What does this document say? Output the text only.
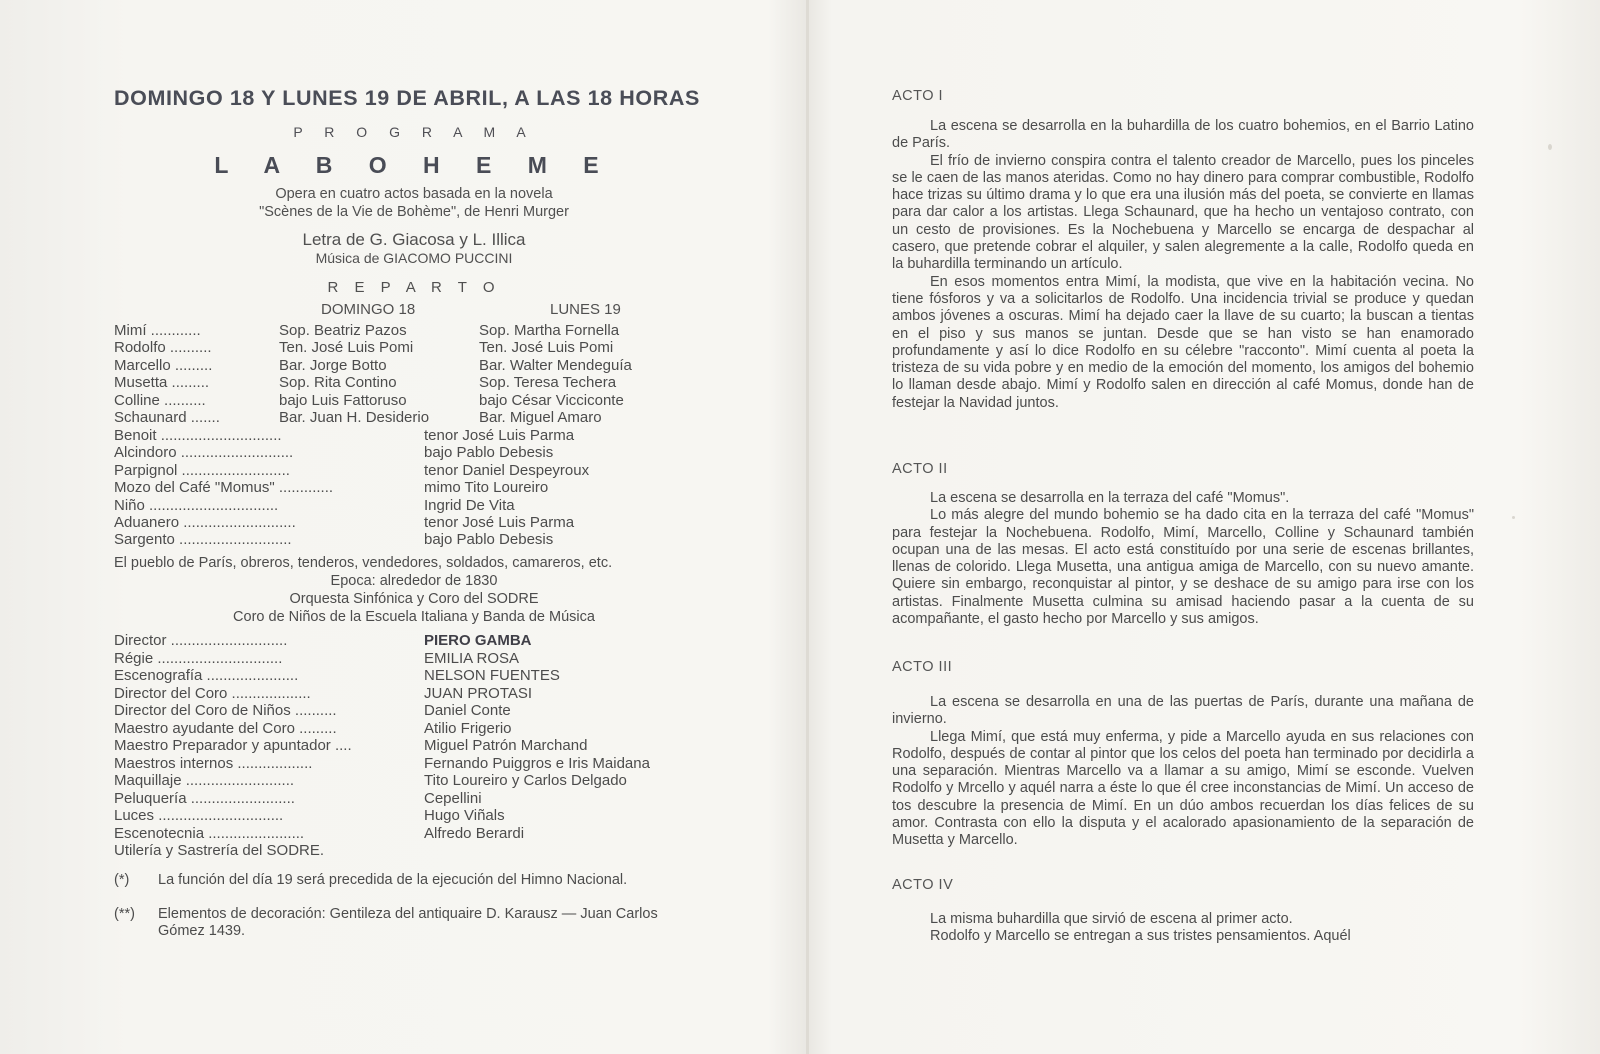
DOMINGO 18 Y LUNES 19 DE ABRIL, A LAS 18 HORAS
P R O G R A M A
L A B O H E M E
Opera en cuatro actos basada en la novela
"Scènes de la Vie de Bohème", de Henri Murger
Letra de G. Giacosa y L. Illica
Música de GIACOMO PUCCINI
R E P A R T O
DOMINGO 18	LUNES 19
Mimí ............	Sop. Beatriz Pazos	Sop. Martha Fornella
Rodolfo ..........	Ten. José Luis Pomi	Ten. José Luis Pomi
Marcello .........	Bar. Jorge Botto	Bar. Walter Mendeguía
Musetta .........	Sop. Rita Contino	Sop. Teresa Techera
Colline ..........	bajo Luis Fattoruso	bajo César Vicciconte
Schaunard .......	Bar. Juan H. Desiderio	Bar. Miguel Amaro
Benoit .............................	tenor José Luis Parma
Alcindoro ...........................	bajo Pablo Debesis
Parpignol ..........................	tenor Daniel Despeyroux
Mozo del Café "Momus" .............	mimo Tito Loureiro
Niño ...............................	Ingrid De Vita
Aduanero ...........................	tenor José Luis Parma
Sargento ...........................	bajo Pablo Debesis
El pueblo de París, obreros, tenderos, vendedores, soldados, camareros, etc.
Epoca: alrededor de 1830
Orquesta Sinfónica y Coro del SODRE
Coro de Niños de la Escuela Italiana y Banda de Música
Director ............................	PIERO GAMBA
Régie ..............................	EMILIA ROSA
Escenografía ......................	NELSON FUENTES
Director del Coro ...................	JUAN PROTASI
Director del Coro de Niños ..........	Daniel Conte
Maestro ayudante del Coro .........	Atilio Frigerio
Maestro Preparador y apuntador ....	Miguel Patrón Marchand
Maestros internos ..................	Fernando Puiggros e Iris Maidana
Maquillaje ..........................	Tito Loureiro y Carlos Delgado
Peluquería .........................	Cepellini
Luces ..............................	Hugo Viñals
Escenotecnia .......................	Alfredo Berardi
Utilería y Sastrería del SODRE.
(*) La función del día 19 será precedida de la ejecución del Himno Nacional.
(**) Elementos de decoración: Gentileza del antiquaire D. Karausz — Juan Carlos Gómez 1439.
ACTO I

La escena se desarrolla en la buhardilla de los cuatro bohemios, en el Barrio Latino de París.

El frío de invierno conspira contra el talento creador de Marcello, pues los pinceles se le caen de las manos ateridas. Como no hay dinero para comprar combustible, Rodolfo hace trizas su último drama y lo que era una ilusión más del poeta, se convierte en llamas para dar calor a los artistas. Llega Schaunard, que ha hecho un ventajoso contrato, con un cesto de provisiones. Es la Nochebuena y Marcello se encarga de despachar al casero, que pretende cobrar el alquiler, y salen alegremente a la calle, Rodolfo queda en la buhardilla terminando un artículo.

En esos momentos entra Mimí, la modista, que vive en la habitación vecina. No tiene fósforos y va a solicitarlos de Rodolfo. Una incidencia trivial se produce y quedan ambos jóvenes a oscuras. Mimí ha dejado caer la llave de su cuarto; la buscan a tientas en el piso y sus manos se juntan. Desde que se han visto se han enamorado profundamente y así lo dice Rodolfo en su célebre "racconto". Mimí cuenta al poeta la tristeza de su vida pobre y en medio de la emoción del momento, los amigos del bohemio lo llaman desde abajo. Mimí y Rodolfo salen en dirección al café Momus, donde han de festejar la Navidad juntos.

ACTO II

La escena se desarrolla en la terraza del café "Momus".

Lo más alegre del mundo bohemio se ha dado cita en la terraza del café "Momus" para festejar la Nochebuena. Rodolfo, Mimí, Marcello, Colline y Schaunard también ocupan una de las mesas. El acto está constituído por una serie de escenas brillantes, llenas de colorido. Llega Musetta, una antigua amiga de Marcello, con su nuevo amante. Quiere sin embargo, reconquistar al pintor, y se deshace de su amigo para irse con los artistas. Finalmente Musetta culmina su amisad haciendo pasar a la cuenta de su acompañante, el gasto hecho por Marcello y sus amigos.

ACTO III

La escena se desarrolla en una de las puertas de París, durante una mañana de invierno.

Llega Mimí, que está muy enferma, y pide a Marcello ayuda en sus relaciones con Rodolfo, después de contar al pintor que los celos del poeta han terminado por decidirla a una separación. Mientras Marcello va a llamar a su amigo, Mimí se esconde. Vuelven Rodolfo y Mrcello y aquél narra a éste lo que él cree inconstancias de Mimí. Un acceso de tos descubre la presencia de Mimí. En un dúo ambos recuerdan los días felices de su amor. Contrasta con ello la disputa y el acalorado apasionamiento de la separación de Musetta y Marcello.

ACTO IV

La misma buhardilla que sirvió de escena al primer acto.

Rodolfo y Marcello se entregan a sus tristes pensamientos. Aquél
